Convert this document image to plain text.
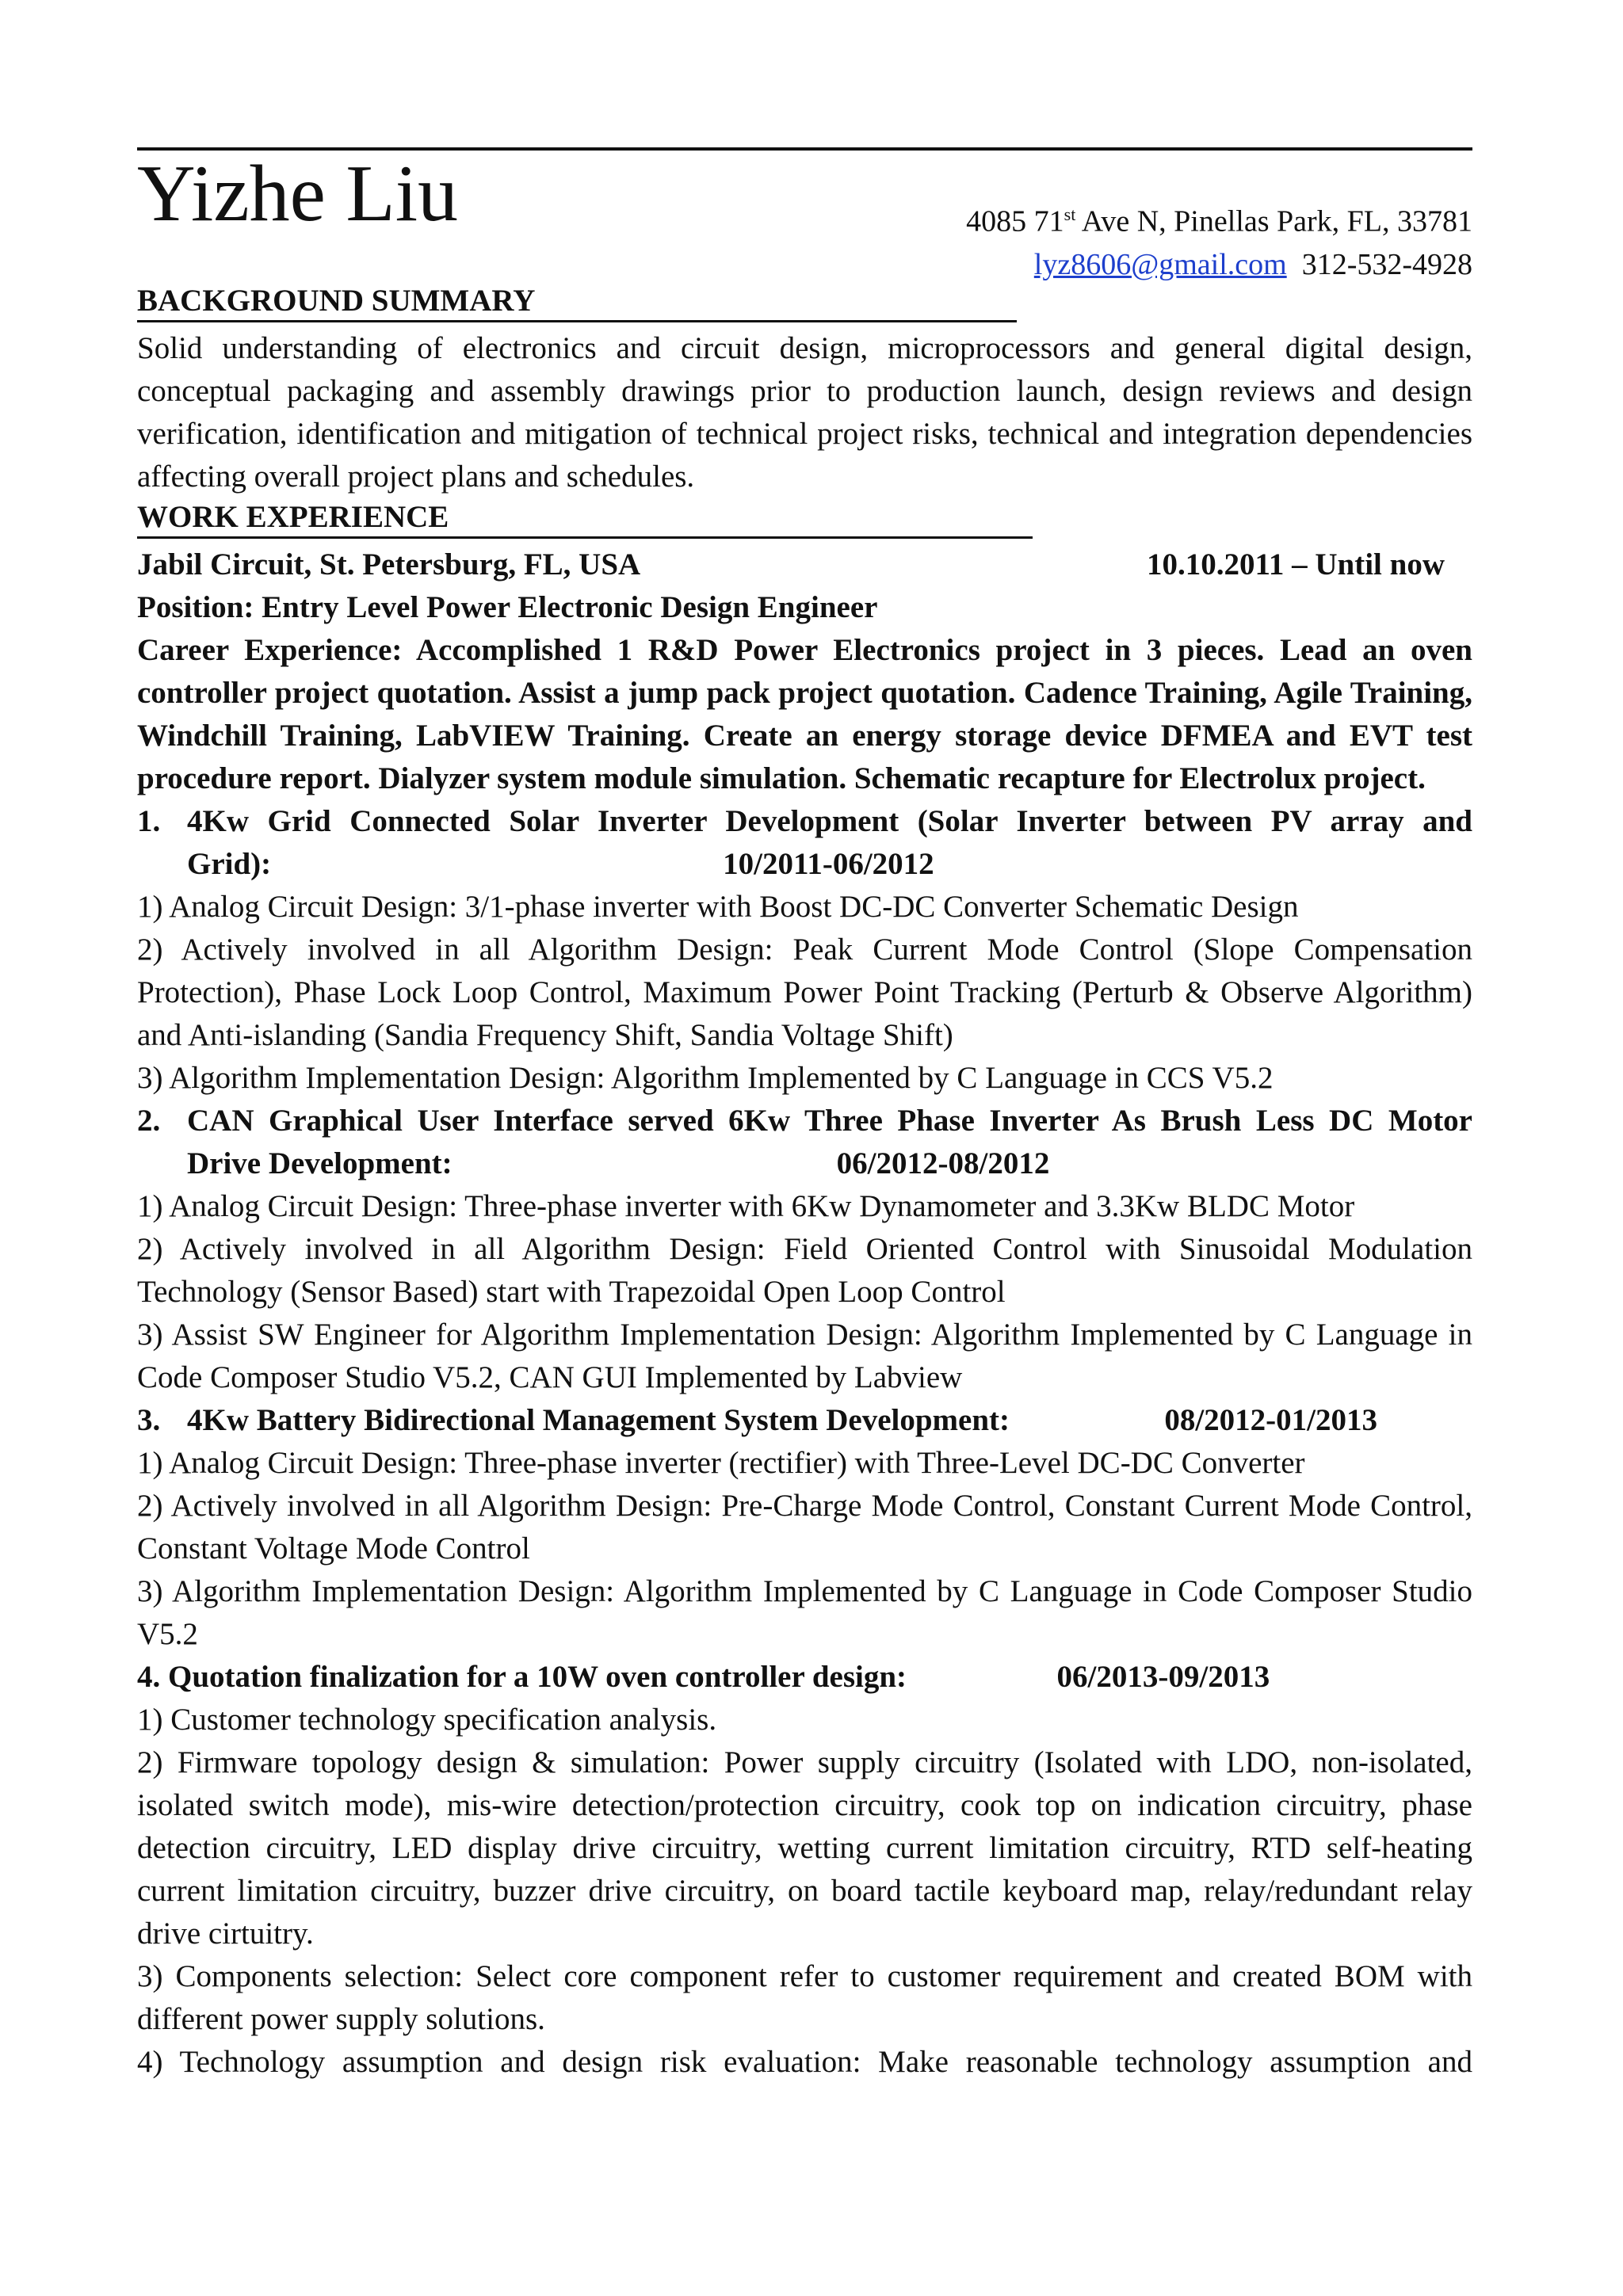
Yizhe Liu	4085 71st Ave N, Pinellas Park, FL, 33781
lyz8606@gmail.com 312-532-4928
BACKGROUND SUMMARY
Solid understanding of electronics and circuit design, microprocessors and general digital design, conceptual packaging and assembly drawings prior to production launch, design reviews and design verification, identification and mitigation of technical project risks, technical and integration dependencies affecting overall project plans and schedules.
WORK EXPERIENCE
Jabil Circuit, St. Petersburg, FL, USA	10.10.2011 – Until now
Position: Entry Level Power Electronic Design Engineer
Career Experience: Accomplished 1 R&D Power Electronics project in 3 pieces. Lead an oven controller project quotation. Assist a jump pack project quotation. Cadence Training, Agile Training, Windchill Training, LabVIEW Training. Create an energy storage device DFMEA and EVT test procedure report. Dialyzer system module simulation. Schematic recapture for Electrolux project.
1. 4Kw Grid Connected Solar Inverter Development (Solar Inverter between PV array and
Grid):	10/2011-06/2012
1) Analog Circuit Design: 3/1-phase inverter with Boost DC-DC Converter Schematic Design
2) Actively involved in all Algorithm Design: Peak Current Mode Control (Slope Compensation Protection), Phase Lock Loop Control, Maximum Power Point Tracking (Perturb & Observe Algorithm) and Anti-islanding (Sandia Frequency Shift, Sandia Voltage Shift)
3) Algorithm Implementation Design: Algorithm Implemented by C Language in CCS V5.2
2. CAN Graphical User Interface served 6Kw Three Phase Inverter As Brush Less DC Motor
Drive Development:	06/2012-08/2012
1) Analog Circuit Design: Three-phase inverter with 6Kw Dynamometer and 3.3Kw BLDC Motor
2) Actively involved in all Algorithm Design: Field Oriented Control with Sinusoidal Modulation Technology (Sensor Based) start with Trapezoidal Open Loop Control
3) Assist SW Engineer for Algorithm Implementation Design: Algorithm Implemented by C Language in Code Composer Studio V5.2, CAN GUI Implemented by Labview
3. 4Kw Battery Bidirectional Management System Development:	08/2012-01/2013
1) Analog Circuit Design: Three-phase inverter (rectifier) with Three-Level DC-DC Converter
2) Actively involved in all Algorithm Design: Pre-Charge Mode Control, Constant Current Mode Control, Constant Voltage Mode Control
3) Algorithm Implementation Design: Algorithm Implemented by C Language in Code Composer Studio V5.2
4. Quotation finalization for a 10W oven controller design:	06/2013-09/2013
1) Customer technology specification analysis.
2) Firmware topology design & simulation: Power supply circuitry (Isolated with LDO, non-isolated, isolated switch mode), mis-wire detection/protection circuitry, cook top on indication circuitry, phase detection circuitry, LED display drive circuitry, wetting current limitation circuitry, RTD self-heating current limitation circuitry, buzzer drive circuitry, on board tactile keyboard map, relay/redundant relay drive cirtuitry.
3) Components selection: Select core component refer to customer requirement and created BOM with different power supply solutions.
4) Technology assumption and design risk evaluation: Make reasonable technology assumption and
